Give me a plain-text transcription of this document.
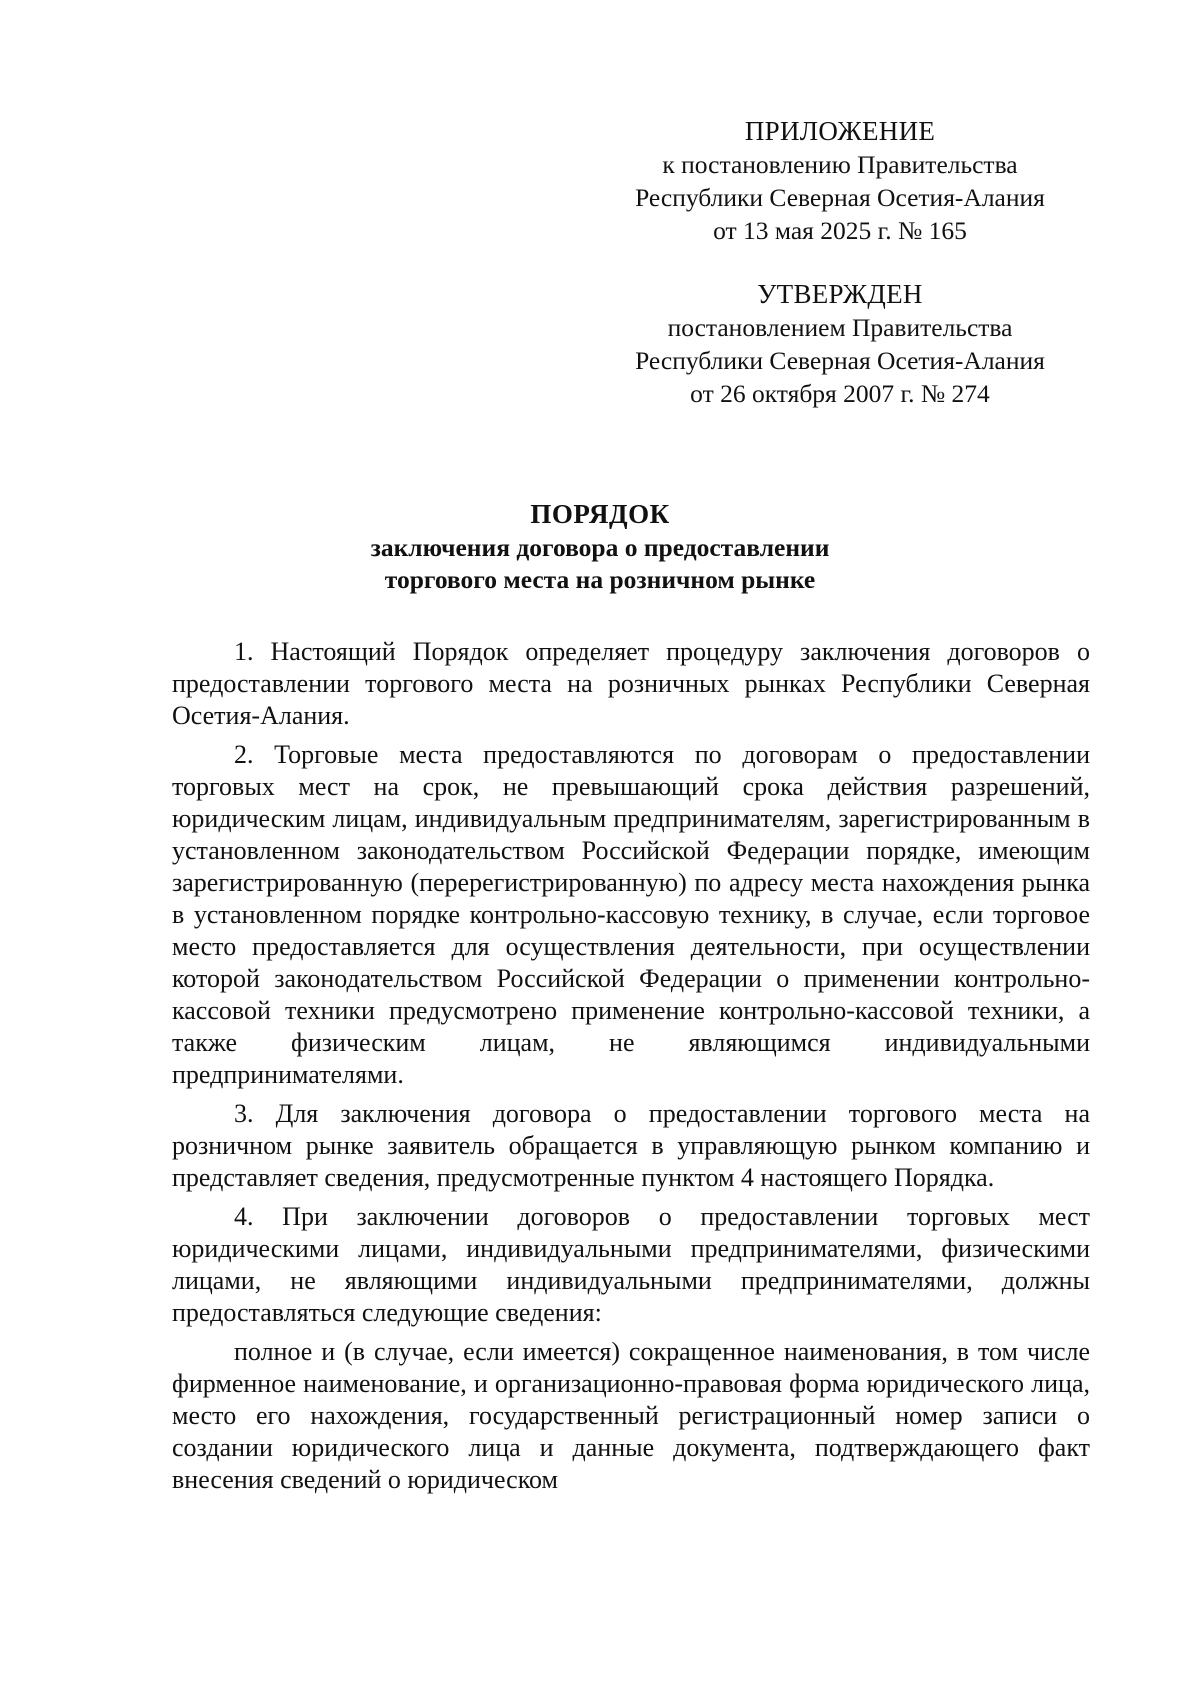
ПРИЛОЖЕНИЕ
к постановлению Правительства
Республики Северная Осетия-Алания
от 13 мая 2025 г. № 165
УТВЕРЖДЕН
постановлением Правительства
Республики Северная Осетия-Алания
от 26 октября 2007 г. № 274
ПОРЯДОК
заключения договора о предоставлении
торгового места на розничном рынке

1. Настоящий Порядок определяет процедуру заключения договоров о предоставлении торгового места на розничных рынках Республики Северная Осетия-Алания.

2. Торговые места предоставляются по договорам о предоставлении торговых мест на срок, не превышающий срока действия разрешений, юридическим лицам, индивидуальным предпринимателям, зарегистрированным в установленном законодательством Российской Федерации порядке, имеющим зарегистрированную (перерегистрированную) по адресу места нахождения рынка в установленном порядке контрольно-кассовую технику, в случае, если торговое место предоставляется для осуществления деятельности, при осуществлении которой законодательством Российской Федерации о применении контрольно-кассовой техники предусмотрено применение контрольно-кассовой техники, а также физическим лицам, не являющимся индивидуальными предпринимателями.

3. Для заключения договора о предоставлении торгового места на розничном рынке заявитель обращается в управляющую рынком компанию и представляет сведения, предусмотренные пунктом 4 настоящего Порядка.

4. При заключении договоров о предоставлении торговых мест юридическими лицами, индивидуальными предпринимателями, физическими лицами, не являющими индивидуальными предпринимателями, должны предоставляться следующие сведения:

полное и (в случае, если имеется) сокращенное наименования, в том числе фирменное наименование, и организационно-правовая форма юридического лица, место его нахождения, государственный регистрационный номер записи о создании юридического лица и данные документа, подтверждающего факт внесения сведений о юридическом
